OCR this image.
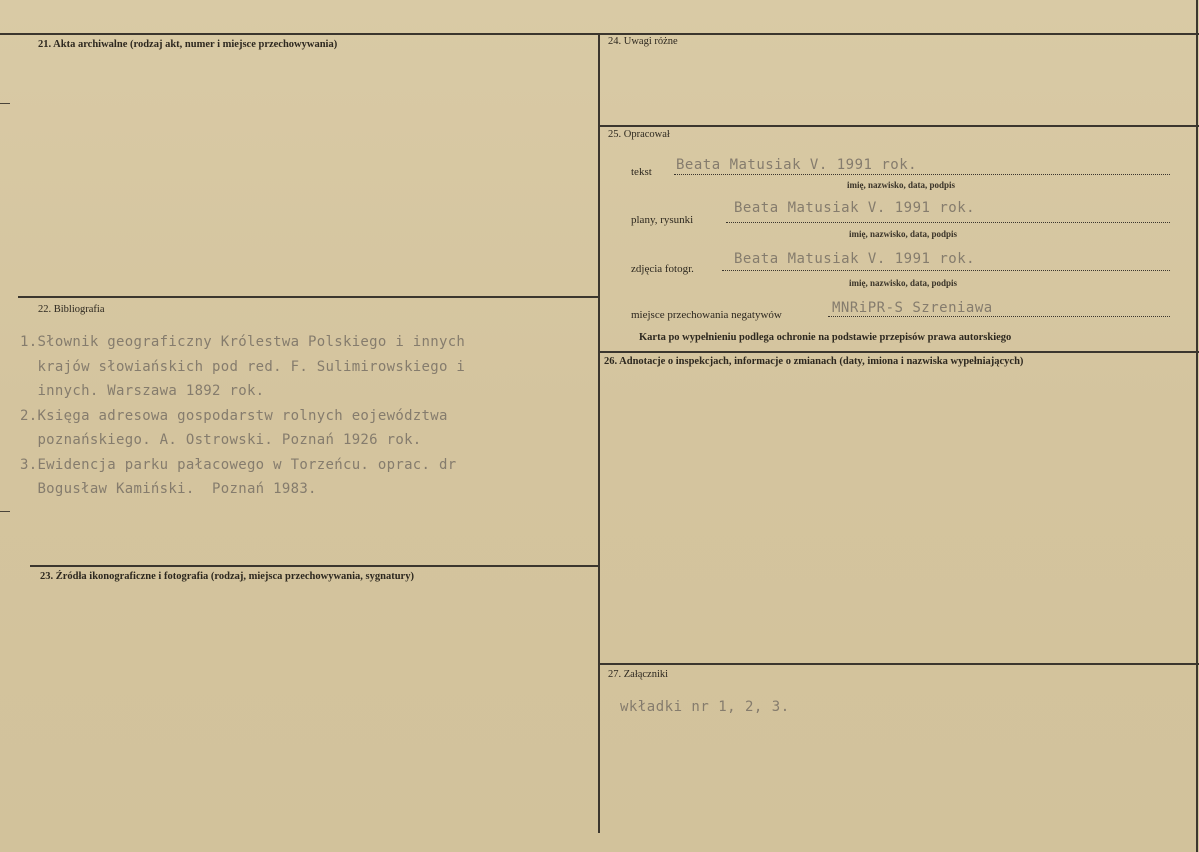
21. Akta archiwalne (rodzaj akt, numer i miejsce przechowywania)
22. Bibliografia
1.Słownik geograficzny Królestwa Polskiego i innych
krajów słowiańskich pod red. F. Sulimirowskiego i
innych. Warszawa 1892 rok.
2.Księga adresowa gospodarstw rolnych eojewództwa
poznańskiego. A. Ostrowski. Poznań 1926 rok.
3.Ewidencja parku pałacowego w Torzeńcu. oprac. dr
Bogusław Kamiński.  Poznań 1983.
23. Źródła ikonograficzne i fotografia (rodzaj, miejsca przechowywania, sygnatury)
24. Uwagi różne
25. Opracował
tekst Beata Matusiak V. 1991 rok.
imię, nazwisko, data, podpis
plany, rysunki
Beata Matusiak V. 1991 rok.
imię, nazwisko, data, podpis
zdjęcia fotogr.
Beata Matusiak V. 1991 rok.
imię, nazwisko, data, podpis
miejsce przechowania negatywów	MNRiPR-S Szreniawa
Karta po wypełnieniu podlega ochronie na podstawie przepisów prawa autorskiego
26. Adnotacje o inspekcjach, informacje o zmianach (daty, imiona i nazwiska wypełniających)
27. Załączniki
wkładki nr 1, 2, 3.
